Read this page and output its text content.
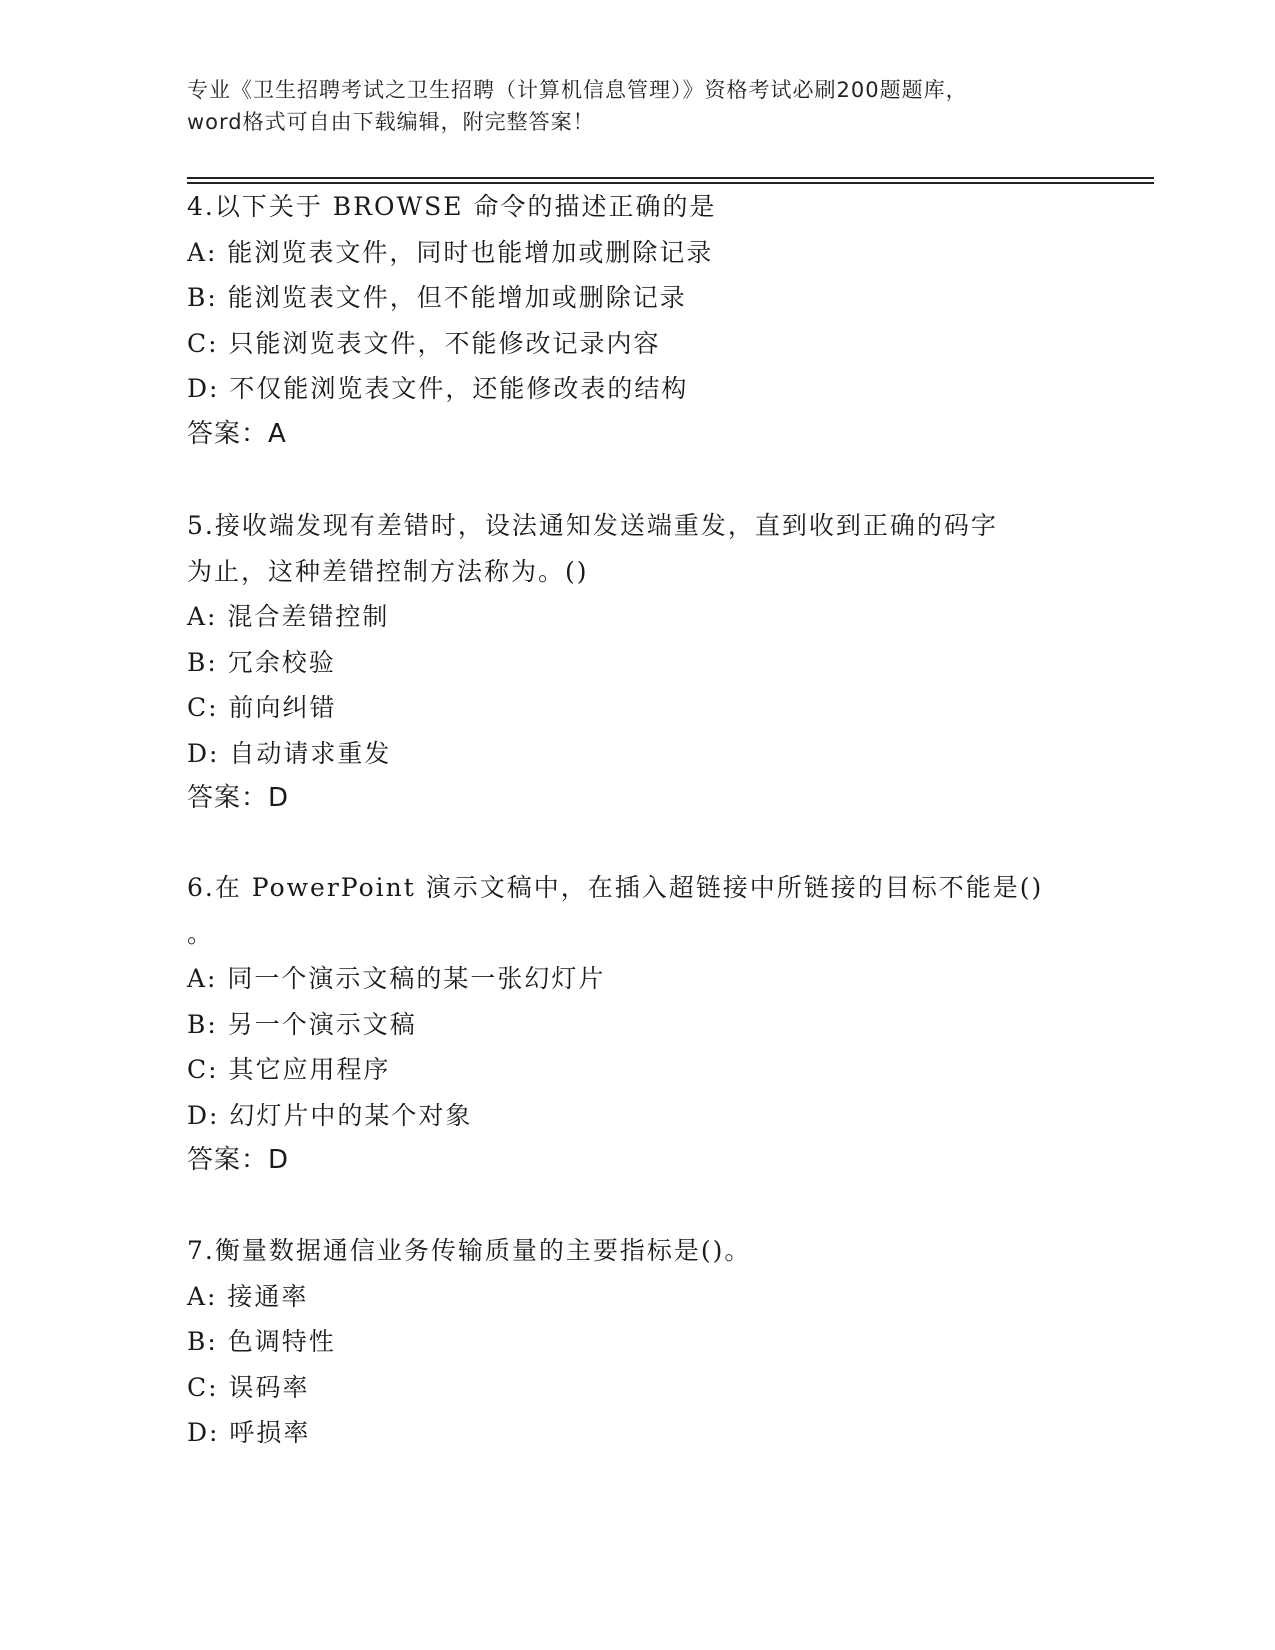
专业《卫生招聘考试之卫生招聘（计算机信息管理）》资格考试必刷200题题库，
word格式可自由下载编辑，附完整答案！
4.以下关于 BROWSE 命令的描述正确的是
A: 能浏览表文件，同时也能增加或删除记录
B: 能浏览表文件，但不能增加或删除记录
C: 只能浏览表文件，不能修改记录内容
D: 不仅能浏览表文件，还能修改表的结构
答案：A
5.接收端发现有差错时，设法通知发送端重发，直到收到正确的码字
为止，这种差错控制方法称为。()
A: 混合差错控制
B: 冗余校验
C: 前向纠错
D: 自动请求重发
答案：D
6.在 PowerPoint 演示文稿中，在插入超链接中所链接的目标不能是()
。
A: 同一个演示文稿的某一张幻灯片
B: 另一个演示文稿
C: 其它应用程序
D: 幻灯片中的某个对象
答案：D
7.衡量数据通信业务传输质量的主要指标是()。
A: 接通率
B: 色调特性
C: 误码率
D: 呼损率
